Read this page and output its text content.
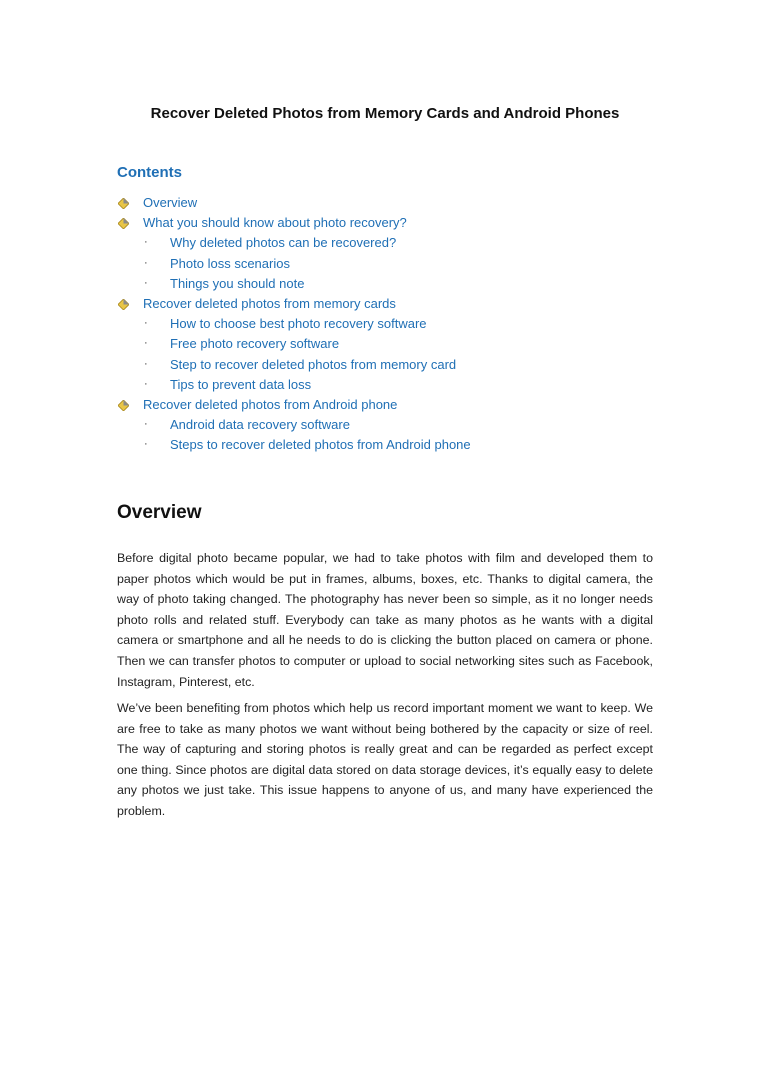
Recover Deleted Photos from Memory Cards and Android Phones
Contents
Overview
What you should know about photo recovery?
·	Why deleted photos can be recovered?
·	Photo loss scenarios
·	Things you should note
Recover deleted photos from memory cards
·	How to choose best photo recovery software
·	Free photo recovery software
·	Step to recover deleted photos from memory card
·	Tips to prevent data loss
Recover deleted photos from Android phone
·	Android data recovery software
·	Steps to recover deleted photos from Android phone
Overview

Before digital photo became popular, we had to take photos with film and developed them to paper photos which would be put in frames, albums, boxes, etc. Thanks to digital camera, the way of photo taking changed. The photography has never been so simple, as it no longer needs photo rolls and related stuff. Everybody can take as many photos as he wants with a digital camera or smartphone and all he needs to do is clicking the button placed on camera or phone. Then we can transfer photos to computer or upload to social networking sites such as Facebook, Instagram, Pinterest, etc.

We’ve been benefiting from photos which help us record important moment we want to keep. We are free to take as many photos we want without being bothered by the capacity or size of reel. The way of capturing and storing photos is really great and can be regarded as perfect except one thing. Since photos are digital data stored on data storage devices, it’s equally easy to delete any photos we just take. This issue happens to anyone of us, and many have experienced the problem.
